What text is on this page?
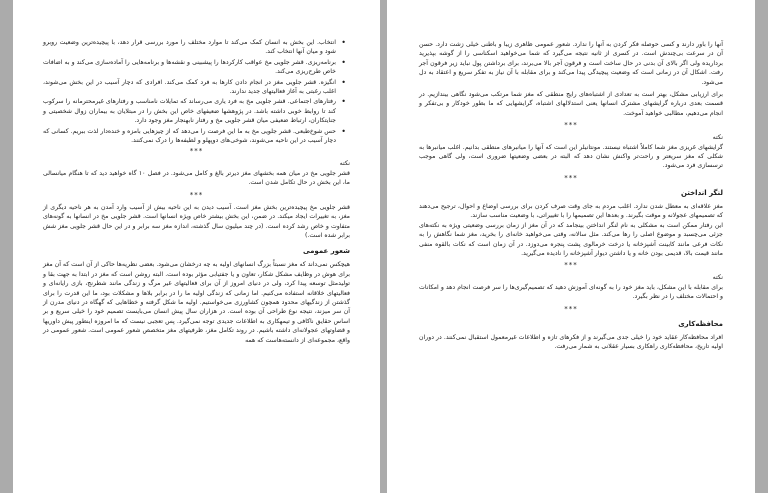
• انتخاب. این بخش به انسان کمک می‌کند تا موارد مختلف را مورد بررسی قرار دهد، با پیچیده‌ترین وضعیت روبرو شود و میان آنها انتخاب کند.
• برنامه‌ریزی. قشر جلویی مخ عواقب کارکردها را پیشبینی و نقشه‌ها و برنامه‌هایی را آماده‌سازی می‌کند و به اضافات خاص طرح‌ریزی می‌کند.
• انگیزه. قشر جلویی مغز در انجام دادن کارها به فرد کمک می‌کند. افرادی که دچار آسیب در این بخش می‌شوند، اغلب رغبتی به آغاز فعالیتهای جدید ندارند.
• رفتارهای اجتماعی. قشر جلویی مخ به فرد یاری می‌رساند که تمایلات نامناسب و رفتارهای غیرمحترمانه را سرکوب کند تا روابط خوبی داشته باشد. در پژوهشها ضعیفهای خاص این بخش را در مبتلایان به بیماران زوال شخصیتی و جنایتکاران، ارتباط ضعیفی میان قشر جلویی مخ و رفتار نابهنجار مغز وجود دارد.
• حس شوخ‌طبعی. قشر جلویی مخ به ما این فرصت را می‌دهد که از چیزهایی بامزه و خنده‌دار لذت ببریم. کسانی که دچار آسیب در این ناحیه می‌شوند، شوخی‌های دوپهلو و لطیفه‌ها را درک نمی‌کنند.
***
نکته
قشر جلویی مخ در میان همه بخشهای مغز دیرتر بالغ و کامل می‌شود. در فصل ۱۰ گاه خواهید دید که تا هنگام میانسالی ما، این بخش در حال تکامل شدن است.
***
قشر جلویی مخ پیچیده‌ترین بخش مغز است. آسیب دیدن به این ناحیه بیش از آسیب وارد آمدن به هر ناحیه دیگری از مغز، به تغییرات ایجاد میکند. در ضمن، این بخش بیشتر خاص ویژه انسانها است. قشر جلویی مخ در انسانها به گونه‌های متفاوت و خاص رشد کرده است. (در چند میلیون سال گذشته، اندازه مغز سه برابر و در این حال قشر جلویی مغز شش برابر شده است.)
شعور عمومی
هیچکس نمی‌داند که مغز نسبتاً بزرگ انسانهای اولیه به چه درخشان می‌شود. بعضی نظریه‌ها حاکی از آن است که آن مغز برای هوش در وظایف مشکل شکار، تعاون و یا جفتیابی مؤثر بوده است. البته روشن است که مغز در ابتدا به جهت بقا و تولیدمثل توسعه پیدا کرد، ولی در دنیای امروز از آن برای فعالیتهای غیر مرگ و زندگی مانند شطرنج، بازی رایانه‌ای و فعالیتهای خلاقانه استفاده می‌کنیم. اما زمانی که زندگی اولیه ما را در برابر بلاها و مشکلات بود، ما این قدرت را برای گذشتن از زندگیهای محدود همچون کشاورزی می‌خواستیم. اولیه ما شکل گرفته و خطاهایی که گهگاه در دنیای مدرن از آن سر میزند، نتیجه نوع طراحی آن بوده است. در هزاران سال پیش انسان می‌بایست تصمیم خود را خیلی سریع و بر اساس حقایق ناکافی و تیمهکاری به اطلاعات جدیدی توجه نمی‌گیرد. پس تعجبی نیست که ما امروزه اینطور پیش داوریها و قضاوتهای عجولانه‌ای داشته باشیم. در روند تکامل مغز، ظرفیتهای مغز متخصص شعور عمومی است. شعور عمومی در واقع، مجموعه‌ای از دانسته‌هاست که همه
آنها را باور دارند و کسی حوصله فکر کردن به آنها را ندارد. شعور عمومی ظاهری زیبا و باطنی خیلی زشت دارد. حسن آن در سرعت بی‌چندش است. در کسری از ثانیه نتیجه می‌گیرد که شما می‌خواهید اسکناسی را از گوشه بپذیرید برداریده ولی اگر بالای آن بدنی در حال ساخت است و فرقون آجر بالا می‌برند، برای برداشتن پول نباید زیر فرقون آجر رفت. اشکال آن در زمانی است که وضعیت پیچیدگی پیدا می‌کند و برای مقابله با آن نیاز به تفکر سریع و اعتقاد به دل می‌شود.
برای ارزیابی مشکل، بهتر است به تعدادی از اشتباه‌های رایج منطقی که مغز شما مرتکب می‌شود نگاهی بیندازیم. در قسمت بعدی درباره گرایشهای مشترک انسانها یعنی استدلالهای اشتباه، گرایشهایی که ما بطور خودکار و بی‌تفکر و انجام می‌دهیم، مطالبی خواهید آموخت.
***
نکته
گرایشهای غریزی مغز شما کاملاً اشتباه نیستند. مونتانیلر این است که آنها را میانبرهای منطقی بدانیم. اغلب میانبرها به شکلی که مغز سریعتر و راحت‌تر واکنش نشان دهد که البته در بعضی وضعیتها ضروری است، ولی گاهی موجب ترسسازی فرد می‌شود.
***
لنگر انداختن
مغز علاقه‌ای به معطل شدن ندارد. اغلب مردم به جای وقت صرف کردن برای بررسی اوضاع و احوال، ترجیح می‌دهند که تصمیمهای عجولانه و موقت بگیرند. و بعدها این تصمیمها را با تغییراتی، با وضعیت مناسب سازند.
این رفتار ممکن است به مشکلی به نام لنگر انداختن بینجامد که در آن مغز از زمان بررسی وضعیتی ویژه به نکته‌های جزئی می‌چسبد و موضوع اصلی را رها می‌کند. مثل سالانه، وقتی می‌خواهید خانه‌ای را بخرید، مغز شما نگاهش را به نکات فرعی مانند کابینت آشپزخانه یا درخت خرمالوی پشت پنجره می‌دوزد. در آن زمان است که نکات بالقوه منفی مانند قیمت بالا، قدیمی بودن خانه و یا داشتن دیوار آشپزخانه را نادیده می‌گیرید.
***
نکته
برای مقابله با این مشکل، باید مغز خود را به گونه‌ای آموزش دهید که تصمیم‌گیری‌ها را سر فرصت انجام دهد و امکانات و احتمالات مختلف را در نظر بگیرد.
***
محافظه‌کاری
افراد محافظه‌کار عقاید خود را خیلی جدی می‌گیرند و از فکرهای تازه و اطلاعات غیرمعمول استقبال نمی‌کنند. در دوران اولیه تاریخ، محافظه‌کاری راهکاری بسیار عقلانی به شمار می‌رفت.
